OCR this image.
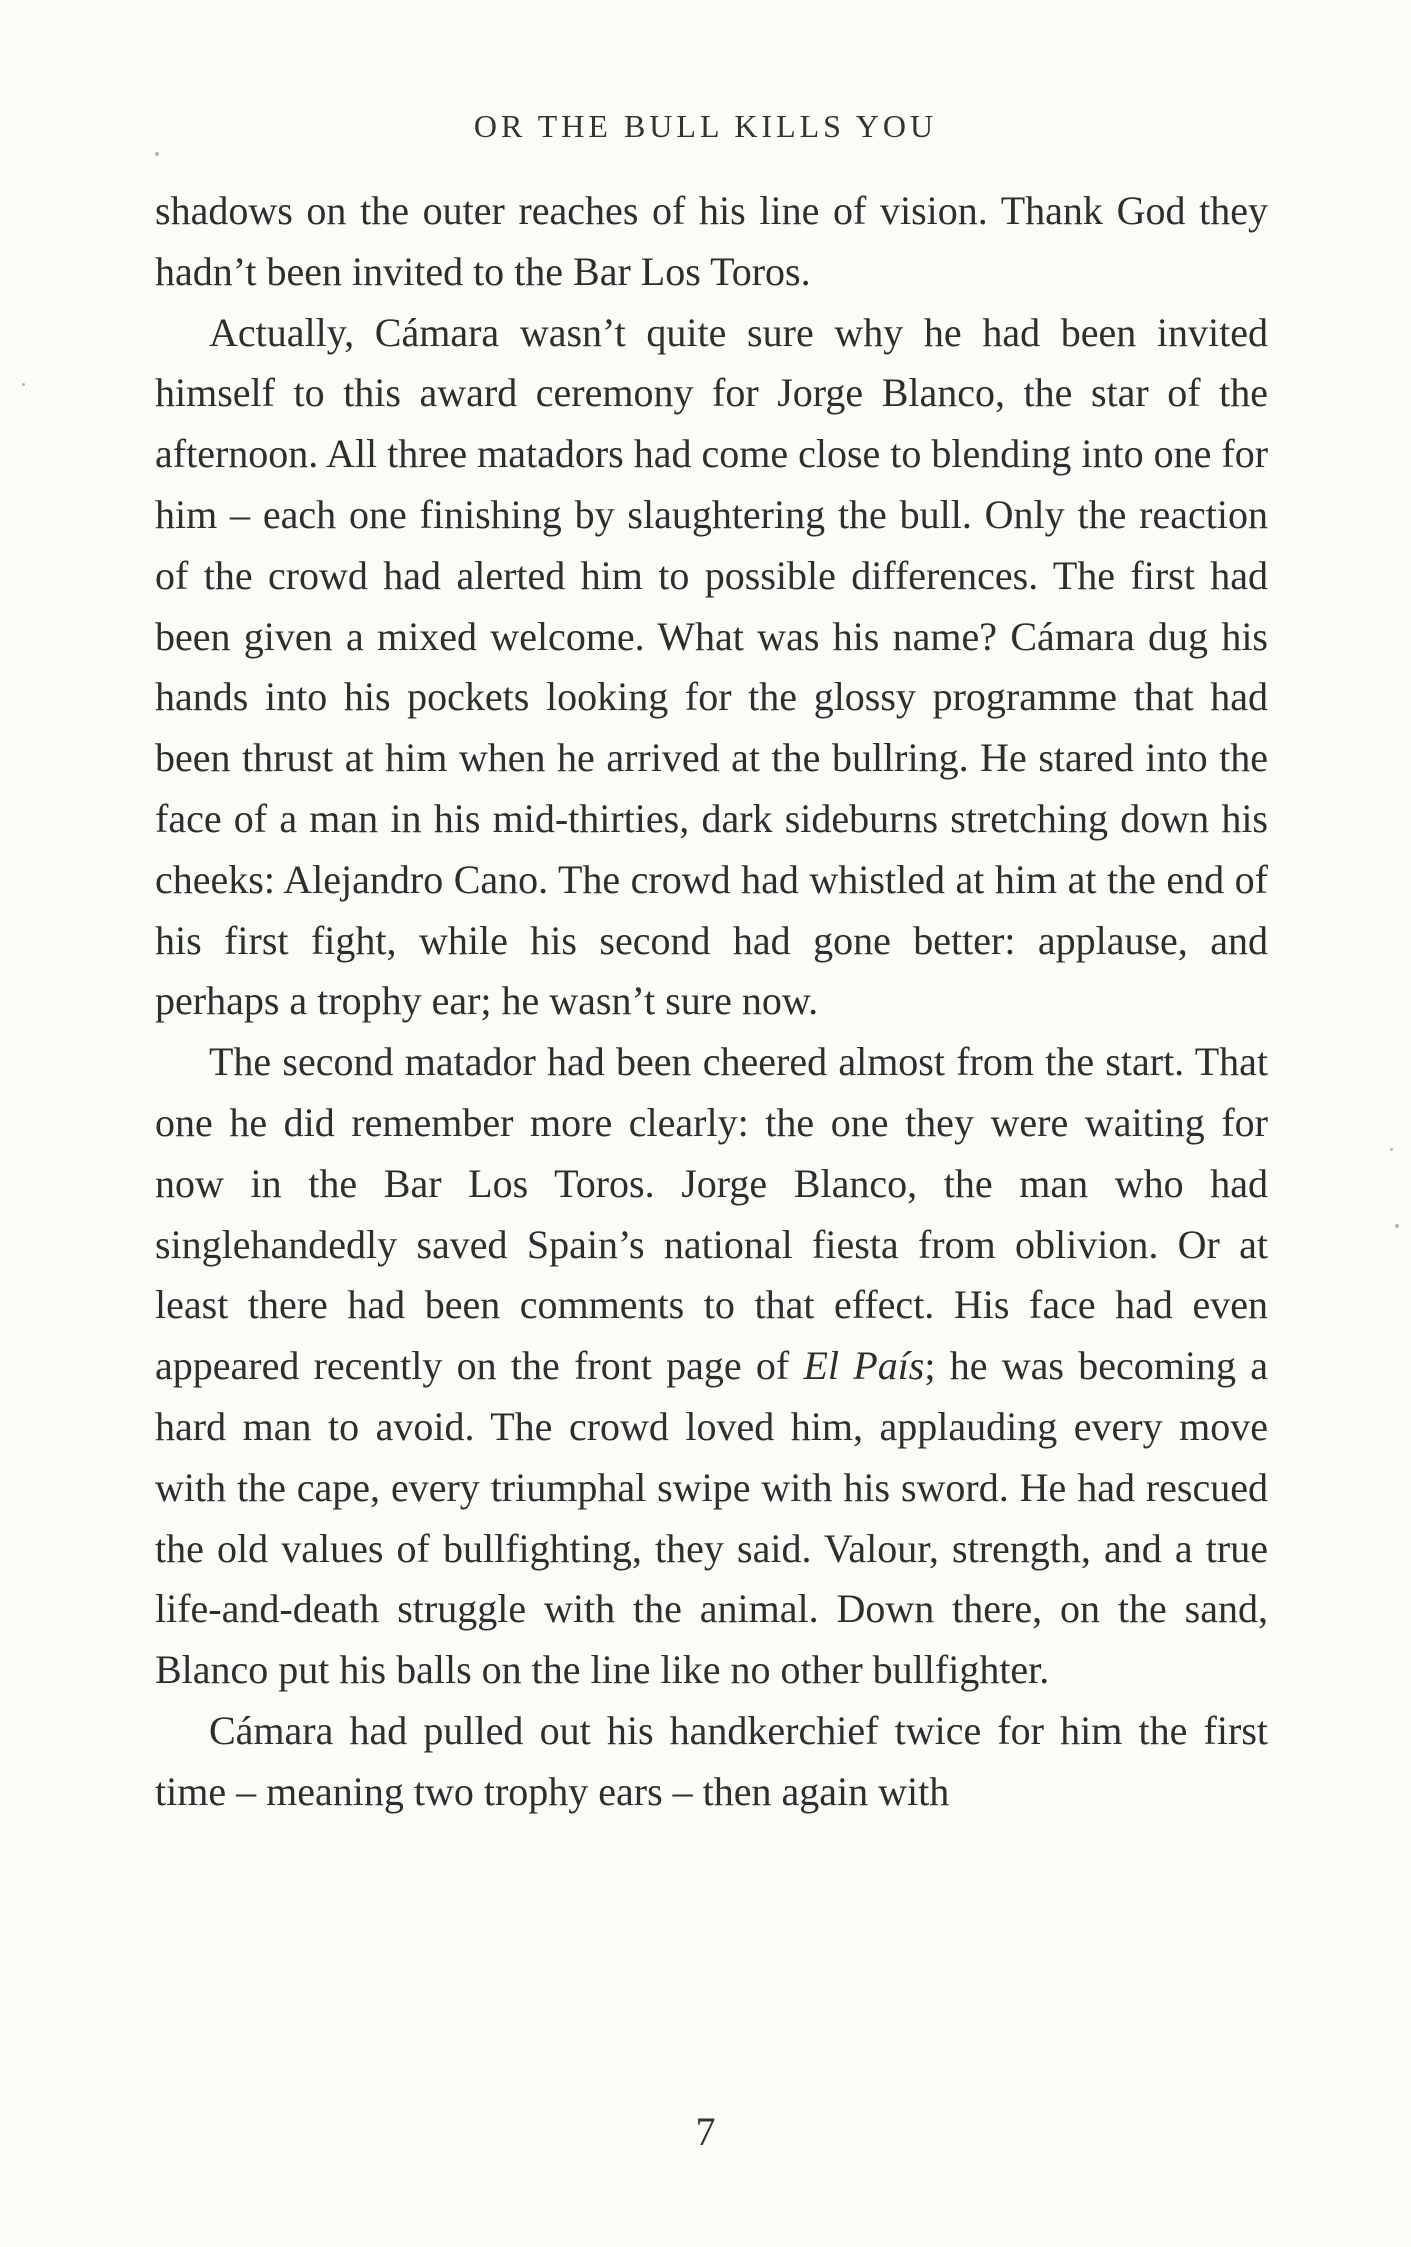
OR THE BULL KILLS YOU

shadows on the outer reaches of his line of vision. Thank God they hadn’t been invited to the Bar Los Toros.

Actually, Cámara wasn’t quite sure why he had been invited himself to this award ceremony for Jorge Blanco, the star of the afternoon. All three matadors had come close to blending into one for him – each one finishing by slaughtering the bull. Only the reaction of the crowd had alerted him to possible differences. The first had been given a mixed welcome. What was his name? Cámara dug his hands into his pockets looking for the glossy programme that had been thrust at him when he arrived at the bullring. He stared into the face of a man in his mid-thirties, dark sideburns stretching down his cheeks: Alejandro Cano. The crowd had whistled at him at the end of his first fight, while his second had gone better: applause, and perhaps a trophy ear; he wasn’t sure now.

The second matador had been cheered almost from the start. That one he did remember more clearly: the one they were waiting for now in the Bar Los Toros. Jorge Blanco, the man who had singlehandedly saved Spain’s national fiesta from oblivion. Or at least there had been comments to that effect. His face had even appeared recently on the front page of El País; he was becoming a hard man to avoid. The crowd loved him, applauding every move with the cape, every triumphal swipe with his sword. He had rescued the old values of bullfighting, they said. Valour, strength, and a true life-and-death struggle with the animal. Down there, on the sand, Blanco put his balls on the line like no other bullfighter.

Cámara had pulled out his handkerchief twice for him the first time – meaning two trophy ears – then again with

7
